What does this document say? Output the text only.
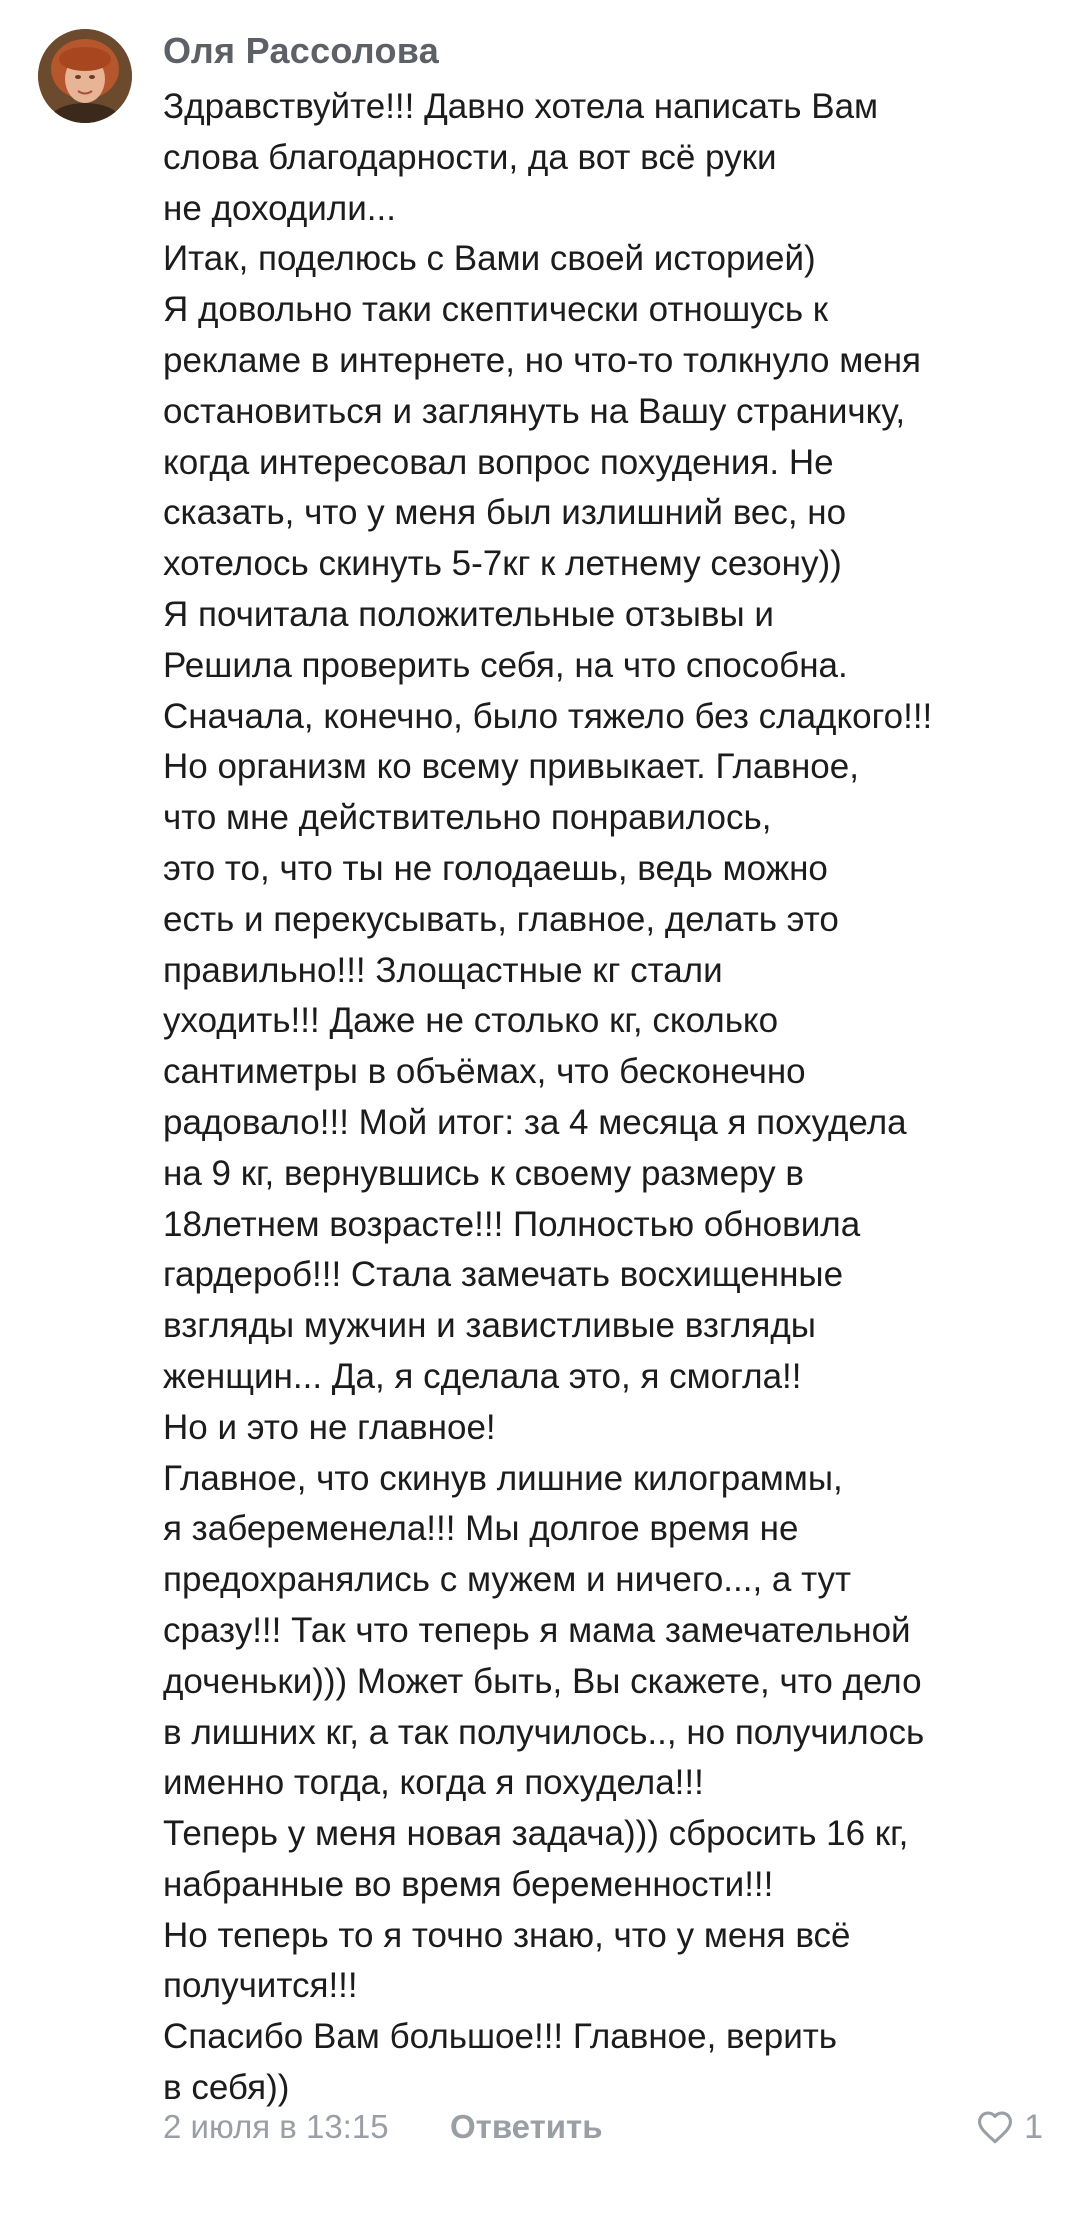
Оля Рассолова
Здравствуйте!!! Давно хотела написать Вам
слова благодарности, да вот всё руки
не доходили...
Итак, поделюсь с Вами своей историей)
Я довольно таки скептически отношусь к
рекламе в интернете, но что-то толкнуло меня
остановиться и заглянуть на Вашу страничку,
когда интересовал вопрос похудения. Не
сказать, что у меня был излишний вес, но
хотелось скинуть 5-7кг к летнему сезону))
Я почитала положительные отзывы и
Решила проверить себя, на что способна.
Сначала, конечно, было тяжело без сладкого!!!
Но организм ко всему привыкает. Главное,
что мне действительно понравилось,
это то, что ты не голодаешь, ведь можно
есть и перекусывать, главное, делать это
правильно!!! Злощастные кг стали
уходить!!! Даже не столько кг, сколько
сантиметры в объёмах, что бесконечно
радовало!!! Мой итог: за 4 месяца я похудела
на 9 кг, вернувшись к своему размеру в
18летнем возрасте!!! Полностью обновила
гардероб!!! Стала замечать восхищенные
взгляды мужчин и завистливые взгляды
женщин... Да, я сделала это, я смогла!!
Но и это не главное!
Главное, что скинув лишние килограммы,
я забеременела!!! Мы долгое время не
предохранялись с мужем и ничего..., а тут
сразу!!! Так что теперь я мама замечательной
доченьки))) Может быть, Вы скажете, что дело
в лишних кг, а так получилось.., но получилось
именно тогда, когда я похудела!!!
Теперь у меня новая задача))) сбросить 16 кг,
набранные во время беременности!!!
Но теперь то я точно знаю, что у меня всё
получится!!!
Спасибо Вам большое!!! Главное, верить
в себя))
2 июля в 13:15 Ответить	1
